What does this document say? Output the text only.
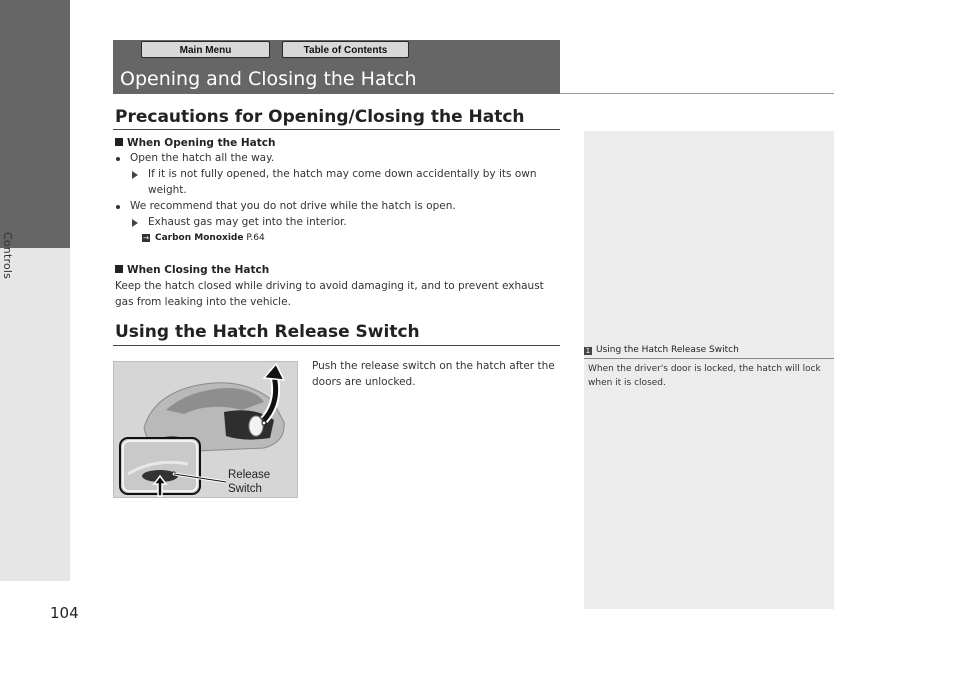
Controls
104
Main Menu	Table of Contents
Opening and Closing the Hatch
Precautions for Opening/Closing the Hatch
When Opening the Hatch
Open the hatch all the way.
If it is not fully opened, the hatch may come down accidentally by its own
weight.
We recommend that you do not drive while the hatch is open.
Exhaust gas may get into the interior.
→ Carbon Monoxide P.64
When Closing the Hatch
Keep the hatch closed while driving to avoid damaging it, and to prevent exhaust
gas from leaking into the vehicle.
Using the Hatch Release Switch
Release
Switch
Push the release switch on the hatch after the doors are unlocked.
1 Using the Hatch Release Switch
When the driver's door is locked, the hatch will lock when it is closed.
